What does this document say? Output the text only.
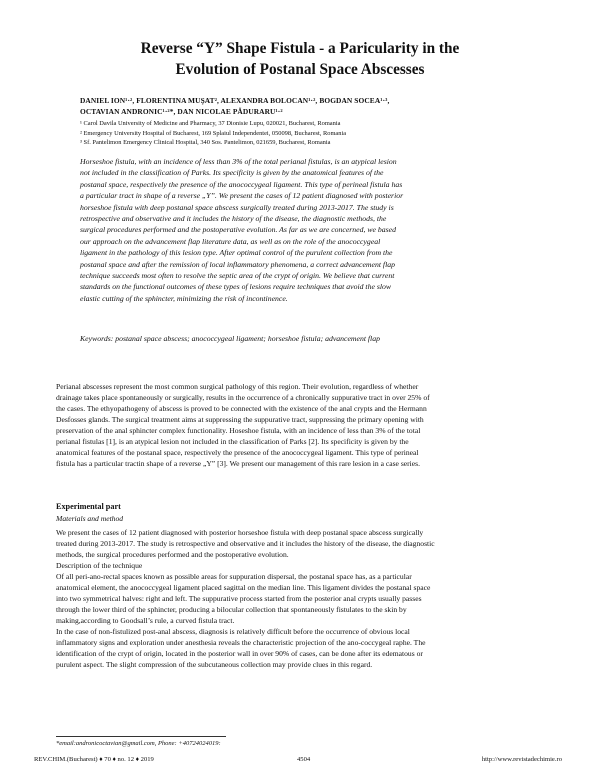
Reverse “Y” Shape Fistula - a Paricularity in the
Evolution of Postanal Space Abscesses
DANIEL ION¹·², FLORENTINA MUŞAT², ALEXANDRA BOLOCAN¹·², BOGDAN SOCEA¹·³,
OCTAVIAN ANDRONIC¹·²*, DAN NICOLAE PĂDURARU¹·²
¹ Carol Davila University of Medicine and Pharmacy, 37 Dionisie Lupu, 020021, Bucharest, Romania
² Emergency University Hospital of Bucharest, 169 Splaiul Independentei, 050098, Bucharest, Romania
³ Sf. Pantelimon Emergency Clinical Hospital, 340 Sos. Pantelimon, 021659, Bucharest, Romania
Horseshoe fistula, with an incidence of less than 3% of the total perianal fistulas, is an atypical lesion
not included in the classification of Parks. Its specificity is given by the anatomical features of the
postanal space, respectively the presence of the anococcygeal ligament. This type of perineal fistula has
a particular tract in shape of a reverse „Y”. We present the cases of 12 patient diagnosed with posterior
horseshoe fistula with deep postanal space abscess surgically treated during 2013-2017. The study is
retrospective and observative and it includes the history of the disease, the diagnostic methods, the
surgical procedures performed and the postoperative evolution. As far as we are concerned, we based
our approach on the advancement flap literature data, as well as on the role of the anococcygeal
ligament in the pathology of this lesion type. After optimal control of the purulent collection from the
postanal space and after the remission of local inflammatory phenomena, a correct advancement flap
technique succeeds most often to resolve the septic area of the crypt of origin. We believe that current
standards on the functional outcomes of these types of lesions require techniques that avoid the slow
elastic cutting of the sphincter, minimizing the risk of incontinence.
Keywords: postanal space abscess; anococcygeal ligament; horseshoe fistula; advancement flap
Perianal abscesses represent the most common surgical pathology of this region. Their evolution, regardless of whether
drainage takes place spontaneously or surgically, results in the occurrence of a chronically suppurative tract in over 25% of
the cases. The ethyopathogeny of abscess is proved to be connected with the existence of the anal crypts and the Hermann
Desfosses glands. The surgical treatment aims at suppressing the suppurative tract, suppressing the primary opening with
preservation of the anal sphincter complex functionality. Hoseshoe fistula, with an incidence of less than 3% of the total
perianal fistulas [1], is an atypical lesion not included in the classification of Parks [2]. Its specificity is given by the
anatomical features of the postanal space, respectively the presence of the anococcygeal ligament. This type of perineal
fistula has a particular tractin shape of a reverse „Y” [3]. We present our management of this rare lesion in a case series.
Experimental part
Materials and method
We present the cases of 12 patient diagnosed with posterior horseshoe fistula with deep postanal space abscess surgically
treated during 2013-2017. The study is retrospective and observative and it includes the history of the disease, the diagnostic
methods, the surgical procedures performed and the postoperative evolution.
Description of the technique
Of all peri-ano-rectal spaces known as possible areas for suppuration dispersal, the postanal space has, as a particular
anatomical element, the anococcygeal ligament placed sagittal on the median line. This ligament divides the postanal space
into two symmetrical halves: right and left. The suppurative process started from the posterior anal crypts usually passes
through the lower third of the sphincter, producing a bilocular collection that spontaneously fistulates to the skin by
making,according to Goodsall’s rule, a curved fistula tract.
In the case of non-fistulized post-anal abscess, diagnosis is relatively difficult before the occurrence of obvious local
inflammatory signs and exploration under anesthesia reveals the characteristic projection of the ano-coccygeal raphe. The
identification of the crypt of origin, located in the posterior wall in over 90% of cases, can be done after its edematous or
purulent aspect. The slight compression of the subcutaneous collection may provide clues in this regard.
*email:andronicoctavian@gmail.com, Phone: +40724024019:
REV.CHIM.(Bucharest) ♦ 70 ♦ no. 12 ♦ 2019	4504	http://www.revistadechimie.ro
